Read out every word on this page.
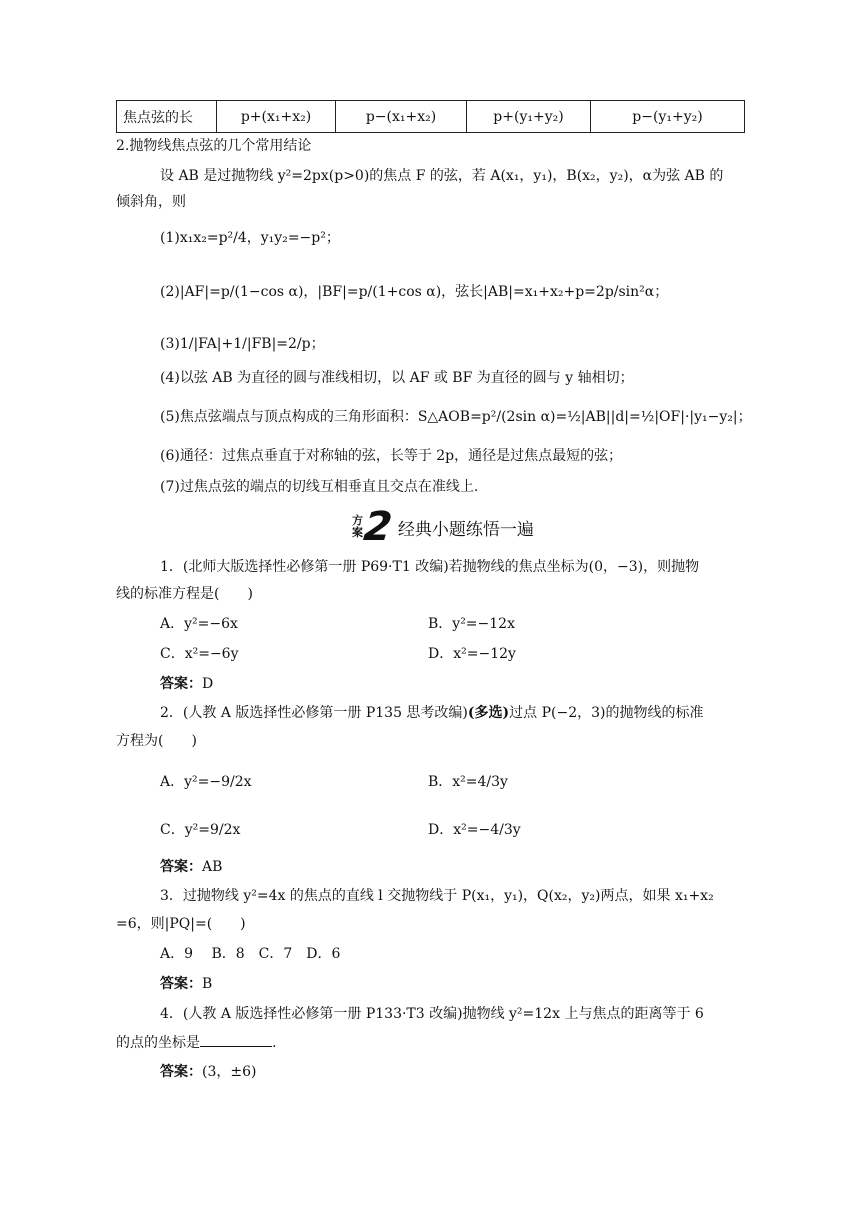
焦点弦的长	p+(x₁+x₂)	p−(x₁+x₂)	p+(y₁+y₂)	p−(y₁+y₂)
2.抛物线焦点弦的几个常用结论
设 AB 是过抛物线 y²=2px(p>0)的焦点 F 的弦，若 A(x₁，y₁)，B(x₂，y₂)，α为弦 AB 的
倾斜角，则
(1)x₁x₂=p²/4，y₁y₂=−p²；
(2)|AF|=p/(1−cos α)，|BF|=p/(1+cos α)，弦长|AB|=x₁+x₂+p=2p/sin²α；
(3)1/|FA|+1/|FB|=2/p；
(4)以弦 AB 为直径的圆与准线相切，以 AF 或 BF 为直径的圆与 y 轴相切；
(5)焦点弦端点与顶点构成的三角形面积：S△AOB=p²/(2sin α)=½|AB||d|=½|OF|·|y₁−y₂|；
(6)通径：过焦点垂直于对称轴的弦，长等于 2p，通径是过焦点最短的弦；
(7)过焦点弦的端点的切线互相垂直且交点在准线上.
方
案
2 经典小题练悟一遍
1．(北师大版选择性必修第一册 P69·T1 改编)若抛物线的焦点坐标为(0，−3)，则抛物
线的标准方程是(　　)
A．y²=−6x	B．y²=−12x
C．x²=−6y	D．x²=−12y
答案：D
2．(人教 A 版选择性必修第一册 P135 思考改编)(多选)过点 P(−2，3)的抛物线的标准
方程为(　　)
A．y²=−9/2x	B．x²=4/3y
C．y²=9/2x	D．x²=−4/3y
答案：AB
3．过抛物线 y²=4x 的焦点的直线 l 交抛物线于 P(x₁，y₁)，Q(x₂，y₂)两点，如果 x₁+x₂
=6，则|PQ|=(　　)
A．9　 B．8　C．7　D．6
答案：B
4．(人教 A 版选择性必修第一册 P133·T3 改编)抛物线 y²=12x 上与焦点的距离等于 6
的点的坐标是	.
答案：(3，±6)
